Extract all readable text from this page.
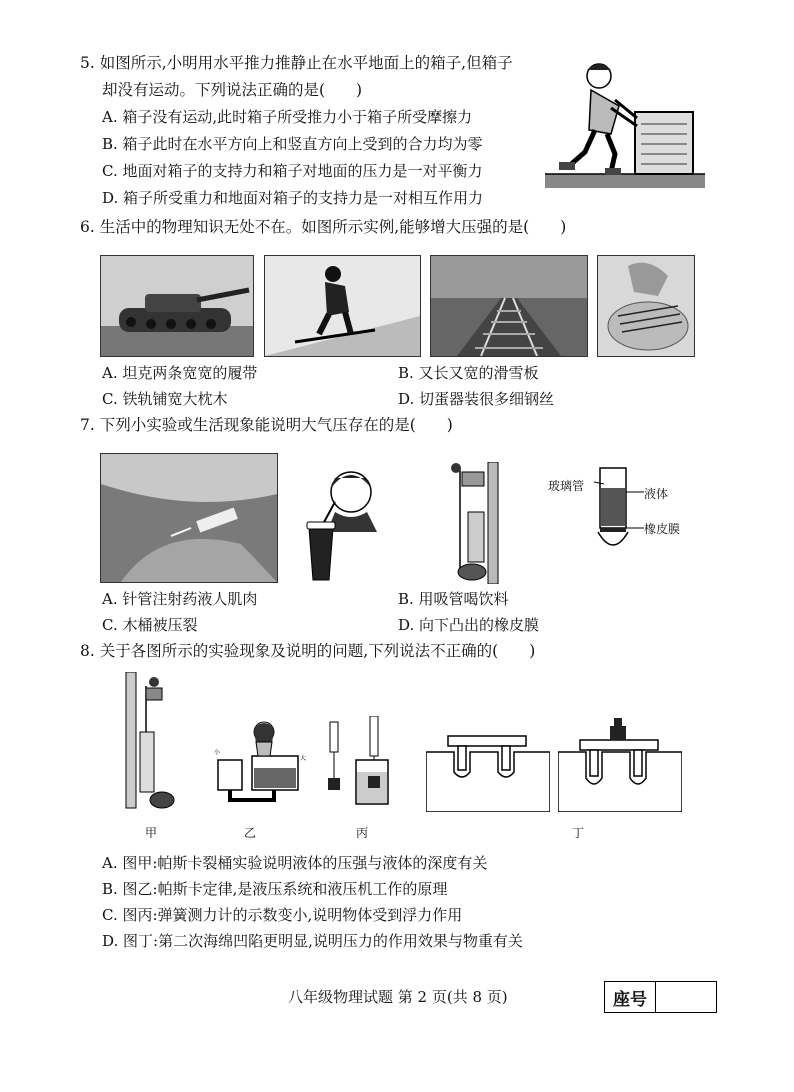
5. 如图所示,小明用水平推力推静止在水平地面上的箱子,但箱子
却没有运动。下列说法正确的是(　　)
A. 箱子没有运动,此时箱子所受推力小于箱子所受摩擦力
B. 箱子此时在水平方向上和竖直方向上受到的合力均为零
C. 地面对箱子的支持力和箱子对地面的压力是一对平衡力
D. 箱子所受重力和地面对箱子的支持力是一对相互作用力
6. 生活中的物理知识无处不在。如图所示实例,能够增大压强的是(　　)
A. 坦克两条宽宽的履带	B. 又长又宽的滑雪板
C. 铁轨铺宽大枕木	D. 切蛋器装很多细钢丝
7. 下列小实验或生活现象能说明大气压存在的是(　　)
玻璃管
液体
橡皮膜
A. 针管注射药液人肌肉	B. 用吸管喝饮料
C. 木桶被压裂	D. 向下凸出的橡皮膜
8. 关于各图所示的实验现象及说明的问题,下列说法不正确的(　　)
甲
小
大
乙	丙	丁
A. 图甲:帕斯卡裂桶实验说明液体的压强与液体的深度有关
B. 图乙:帕斯卡定律,是液压系统和液压机工作的原理
C. 图丙:弹簧测力计的示数变小,说明物体受到浮力作用
D. 图丁:第二次海绵凹陷更明显,说明压力的作用效果与物重有关
八年级物理试题 第 2 页(共 8 页)	座号
